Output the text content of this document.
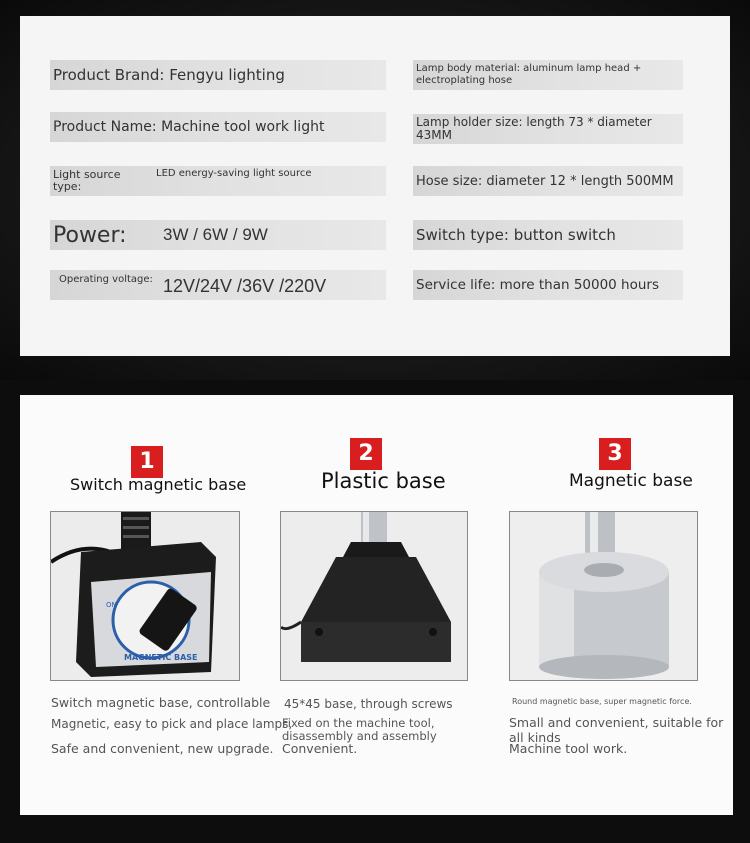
Product Brand: Fengyu lighting
Product Name: Machine tool work light
Light source type:
LED energy-saving light source
Power: 3W / 6W / 9W
Operating voltage: 12V/24V /36V /220V
Lamp body material: aluminum lamp head + electroplating hose
Lamp holder size: length 73 * diameter 43MM
Hose size: diameter 12 * length 500MM
Switch type: button switch
Service life: more than 50000 hours
1
Switch magnetic base
ON
MAGNETIC BASE
Switch magnetic base, controllable
Magnetic, easy to pick and place lamps,
Safe and convenient, new upgrade.
2
Plastic base
45*45 base, through screws
Fixed on the machine tool, disassembly and assembly
Convenient.
3
Magnetic base
Round magnetic base, super magnetic force.
Small and convenient, suitable for all kinds
Machine tool work.
